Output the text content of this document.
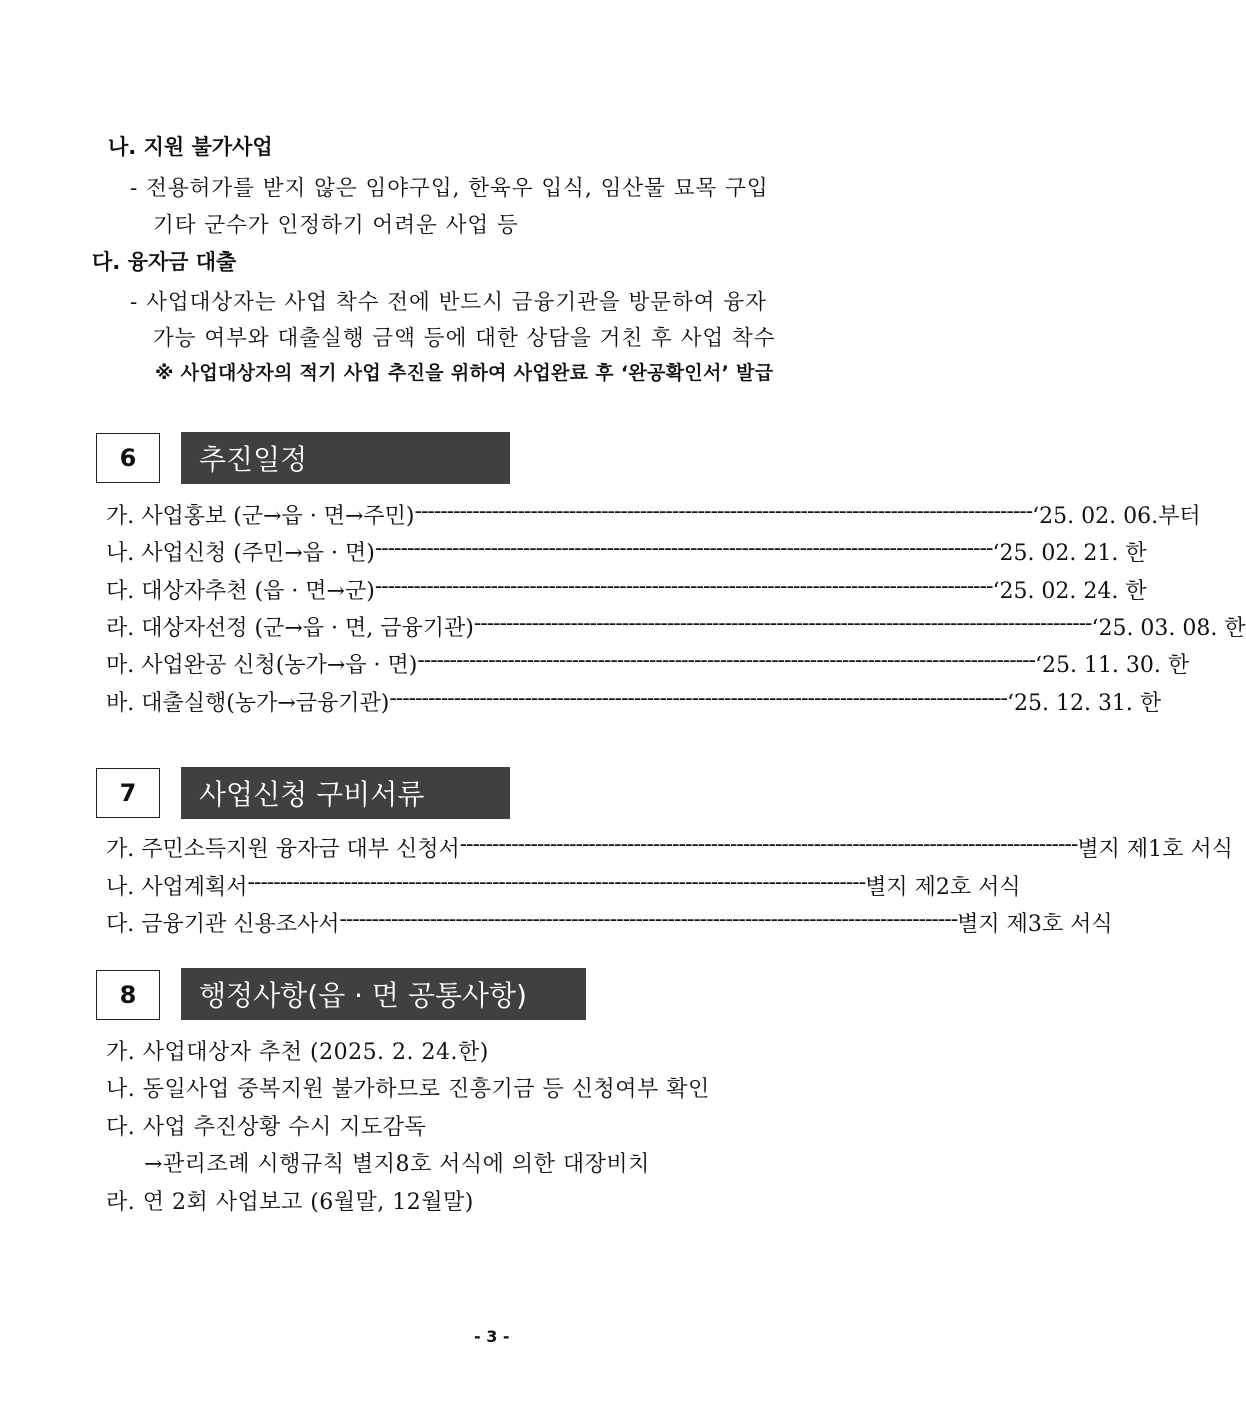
나. 지원 불가사업
- 전용허가를 받지 않은 임야구입, 한육우 입식, 임산물 묘목 구입
기타 군수가 인정하기 어려운 사업 등
다. 융자금 대출
- 사업대상자는 사업 착수 전에 반드시 금융기관을 방문하여 융자
가능 여부와 대출실행 금액 등에 대한 상담을 거친 후 사업 착수
※ 사업대상자의 적기 사업 추진을 위하여 사업완료 후 ‘완공확인서’ 발급
6	추진일정
가. 사업홍보 (군→읍 · 면→주민) ------------------------------------------------------------------------------------------------ ‘25. 02. 06.부터
나. 사업신청 (주민→읍 · 면) ------------------------------------------------------------------------------------------------ ‘25. 02. 21. 한
다. 대상자추천 (읍 · 면→군) ------------------------------------------------------------------------------------------------ ‘25. 02. 24. 한
라. 대상자선정 (군→읍 · 면, 금융기관) ------------------------------------------------------------------------------------------------ ‘25. 03. 08. 한
마. 사업완공 신청(농가→읍 · 면) ------------------------------------------------------------------------------------------------ ‘25. 11. 30. 한
바. 대출실행(농가→금융기관) ------------------------------------------------------------------------------------------------ ‘25. 12. 31. 한
7	사업신청 구비서류
가. 주민소득지원 융자금 대부 신청서 ------------------------------------------------------------------------------------------------ 별지 제1호 서식
나. 사업계획서 ------------------------------------------------------------------------------------------------ 별지 제2호 서식
다. 금융기관 신용조사서 ------------------------------------------------------------------------------------------------ 별지 제3호 서식
8	행정사항(읍 · 면 공통사항)
가. 사업대상자 추천 (2025. 2. 24.한)
나. 동일사업 중복지원 불가하므로 진흥기금 등 신청여부 확인
다. 사업 추진상황 수시 지도감독
→관리조례 시행규칙 별지8호 서식에 의한 대장비치
라. 연 2회 사업보고 (6월말, 12월말)
- 3 -
